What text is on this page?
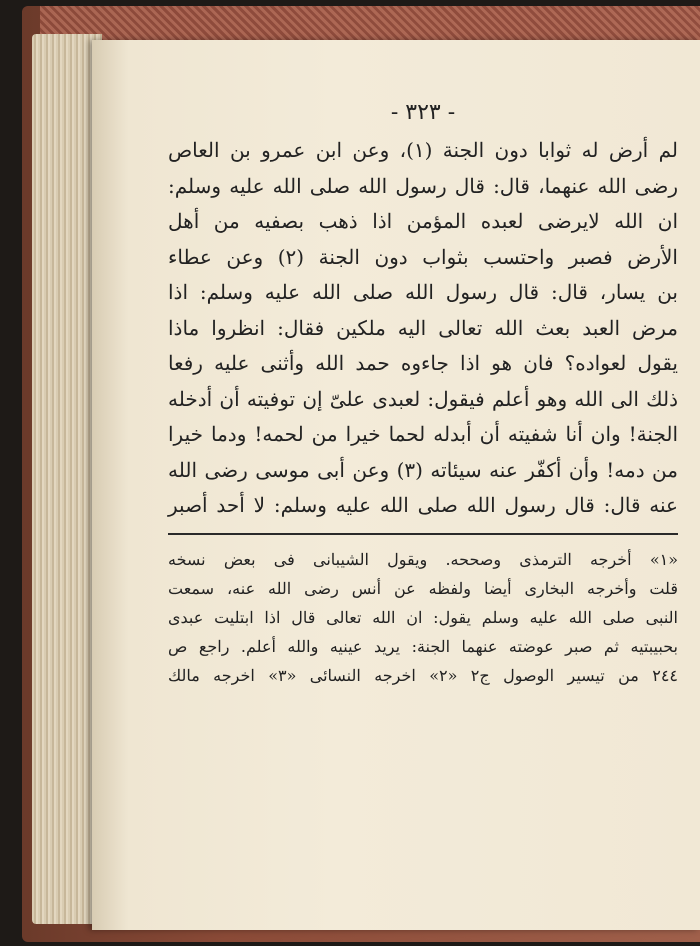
- ٣٢٣ -
لم أرض له ثوابا دون الجنة (١)، وعن ابن عمرو بن العاص
رضى الله عنهما، قال: قال رسول الله صلى الله عليه وسلم:
ان الله لايرضى لعبده المؤمن اذا ذهب بصفيه من أهل
الأرض فصبر واحتسب بثواب دون الجنة (٢) وعن عطاء
بن يسار، قال: قال رسول الله صلى الله عليه وسلم: اذا
مرض العبد بعث الله تعالى اليه ملكين فقال: انظروا ماذا
يقول لعواده؟ فان هو اذا جاءوه حمد الله وأثنى عليه رفعا
ذلك الى الله وهو أعلم فيقول: لعبدى علىّ إن توفيته أن أدخله
الجنة! وان أنا شفيته أن أبدله لحما خيرا من لحمه! ودما خيرا
من دمه! وأن أكفّر عنه سيئاته (٣) وعن أبى موسى رضى الله
عنه قال: قال رسول الله صلى الله عليه وسلم: لا أحد أصبر
«١» أخرجه الترمذى وصححه. ويقول الشيبانى فى بعض نسخه
قلت وأخرجه البخارى أيضا ولفظه عن أنس رضى الله عنه، سمعت
النبى صلى الله عليه وسلم يقول: ان الله تعالى قال اذا ابتليت عبدى
بحبيبتيه ثم صبر عوضته عنهما الجنة: يريد عينيه والله أعلم. راجع ص
٢٤٤ من تيسير الوصول ج٢ «٢» اخرجه النسائى «٣» اخرجه مالك
